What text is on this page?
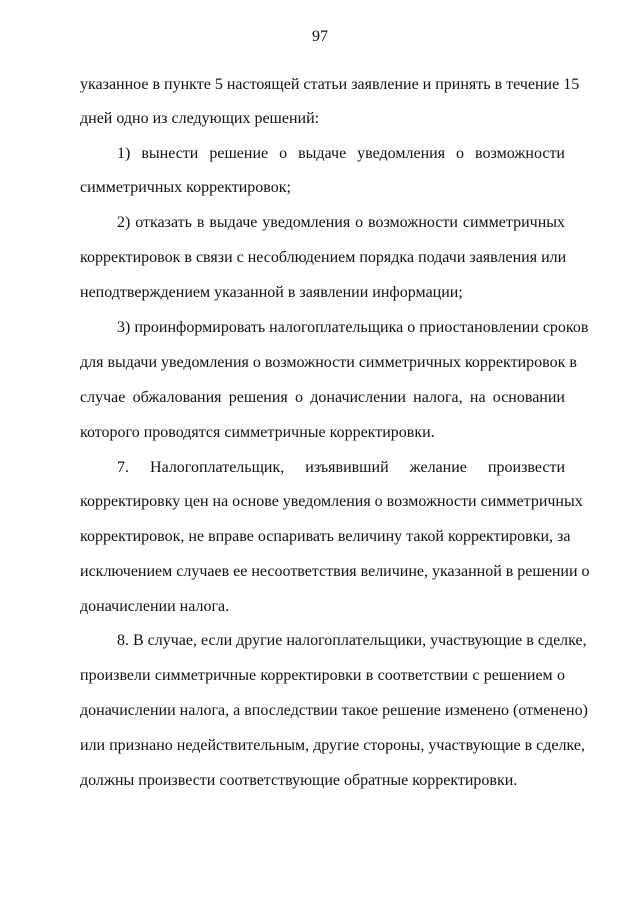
97
указанное в пункте 5 настоящей статьи заявление и принять в течение 15
дней одно из следующих решений:
1) вынести решение о выдаче уведомления о возможности
симметричных корректировок;
2) отказать в выдаче уведомления о возможности симметричных
корректировок в связи с несоблюдением порядка подачи заявления или
неподтверждением указанной в заявлении информации;
3) проинформировать налогоплательщика о приостановлении сроков
для выдачи уведомления о возможности симметричных корректировок в
случае обжалования решения о доначислении налога, на основании
которого проводятся симметричные корректировки.
7. Налогоплательщик, изъявивший желание произвести
корректировку цен на основе уведомления о возможности симметричных
корректировок, не вправе оспаривать величину такой корректировки, за
исключением случаев ее несоответствия величине, указанной в решении о
доначислении налога.
8. В случае, если другие налогоплательщики, участвующие в сделке,
произвели симметричные корректировки в соответствии с решением о
доначислении налога, а впоследствии такое решение изменено (отменено)
или признано недействительным, другие стороны, участвующие в сделке,
должны произвести соответствующие обратные корректировки.
